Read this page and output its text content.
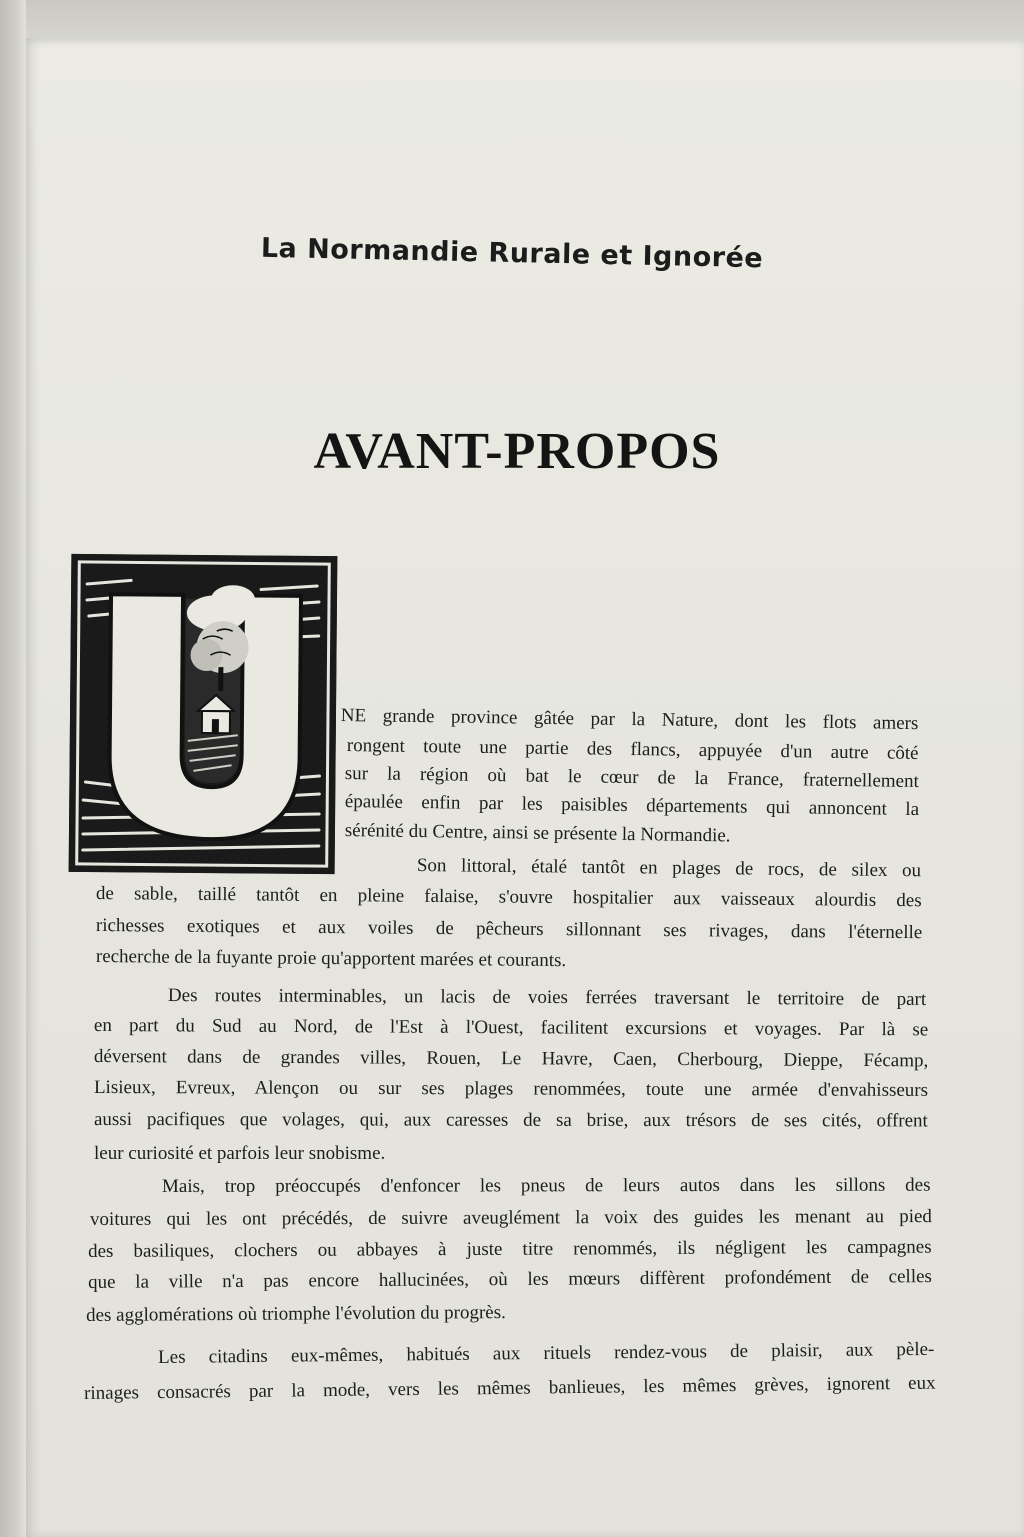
La Normandie Rurale et Ignorée
AVANT-PROPOS
NE grande province gâtée par la Nature, dont les flots amers
rongent toute une partie des flancs, appuyée d'un autre côté
sur la région où bat le cœur de la France, fraternellement
épaulée enfin par les paisibles départements qui annoncent la
sérénité du Centre, ainsi se présente la Normandie.
Son littoral, étalé tantôt en plages de rocs, de silex ou
de sable, taillé tantôt en pleine falaise, s'ouvre hospitalier aux vaisseaux alourdis des
richesses exotiques et aux voiles de pêcheurs sillonnant ses rivages, dans l'éternelle
recherche de la fuyante proie qu'apportent marées et courants.
Des routes interminables, un lacis de voies ferrées traversant le territoire de part
en part du Sud au Nord, de l'Est à l'Ouest, facilitent excursions et voyages. Par là se
déversent dans de grandes villes, Rouen, Le Havre, Caen, Cherbourg, Dieppe, Fécamp,
Lisieux, Evreux, Alençon ou sur ses plages renommées, toute une armée d'envahisseurs
aussi pacifiques que volages, qui, aux caresses de sa brise, aux trésors de ses cités, offrent
leur curiosité et parfois leur snobisme.
Mais, trop préoccupés d'enfoncer les pneus de leurs autos dans les sillons des
voitures qui les ont précédés, de suivre aveuglément la voix des guides les menant au pied
des basiliques, clochers ou abbayes à juste titre renommés, ils négligent les campagnes
que la ville n'a pas encore hallucinées, où les mœurs diffèrent profondément de celles
des agglomérations où triomphe l'évolution du progrès.
Les citadins eux-mêmes, habitués aux rituels rendez-vous de plaisir, aux pèle-
rinages consacrés par la mode, vers les mêmes banlieues, les mêmes grèves, ignorent eux
